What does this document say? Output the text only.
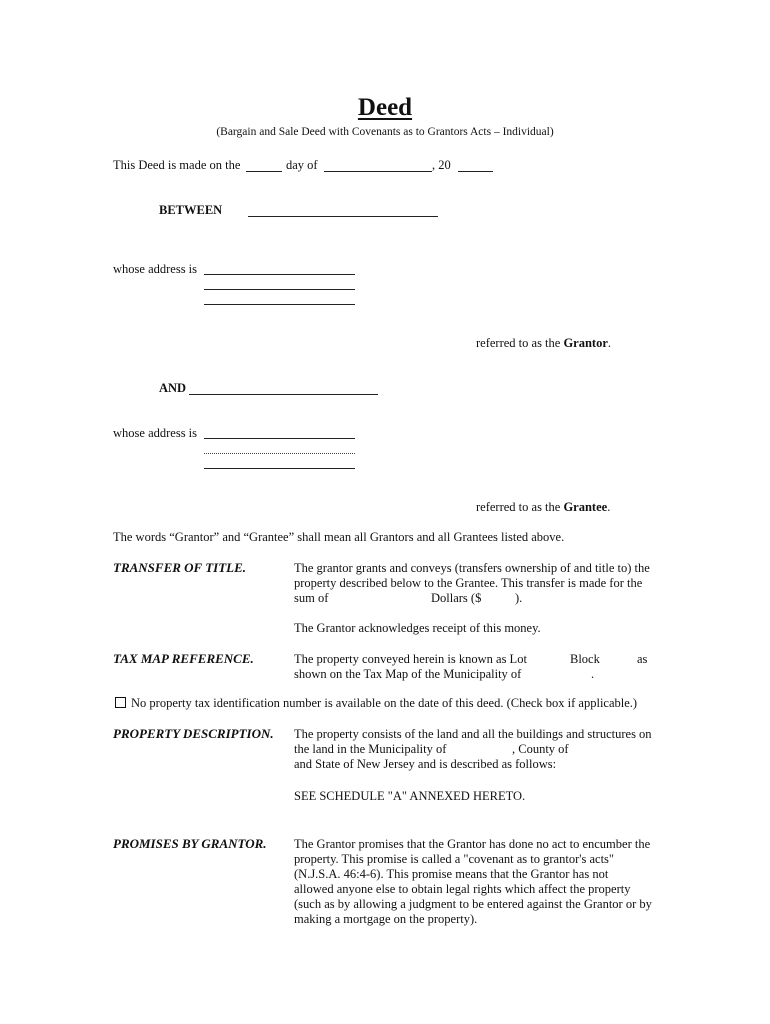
Deed
(Bargain and Sale Deed with Covenants as to Grantors Acts – Individual)
This Deed is made on the	day of	, 20
BETWEEN
whose address is
referred to as the Grantor.
AND
whose address is
referred to as the Grantee.
The words “Grantor” and “Grantee” shall mean all Grantors and all Grantees listed above.
TRANSFER OF TITLE.	The grantor grants and conveys (transfers ownership of and title to) the
property described below to the Grantee. This transfer is made for the
sum of	Dollars ($	).
The Grantor acknowledges receipt of this money.
TAX MAP REFERENCE.	The property conveyed herein is known as Lot	Block	as
shown on the Tax Map of the Municipality of	.
No property tax identification number is available on the date of this deed. (Check box if applicable.)
PROPERTY DESCRIPTION. The property consists of the land and all the buildings and structures on
the land in the Municipality of	, County of
and State of New Jersey and is described as follows:
SEE SCHEDULE "A" ANNEXED HERETO.
PROMISES BY GRANTOR. The Grantor promises that the Grantor has done no act to encumber the
property. This promise is called a "covenant as to grantor's acts"
(N.J.S.A. 46:4-6). This promise means that the Grantor has not
allowed anyone else to obtain legal rights which affect the property
(such as by allowing a judgment to be entered against the Grantor or by
making a mortgage on the property).
